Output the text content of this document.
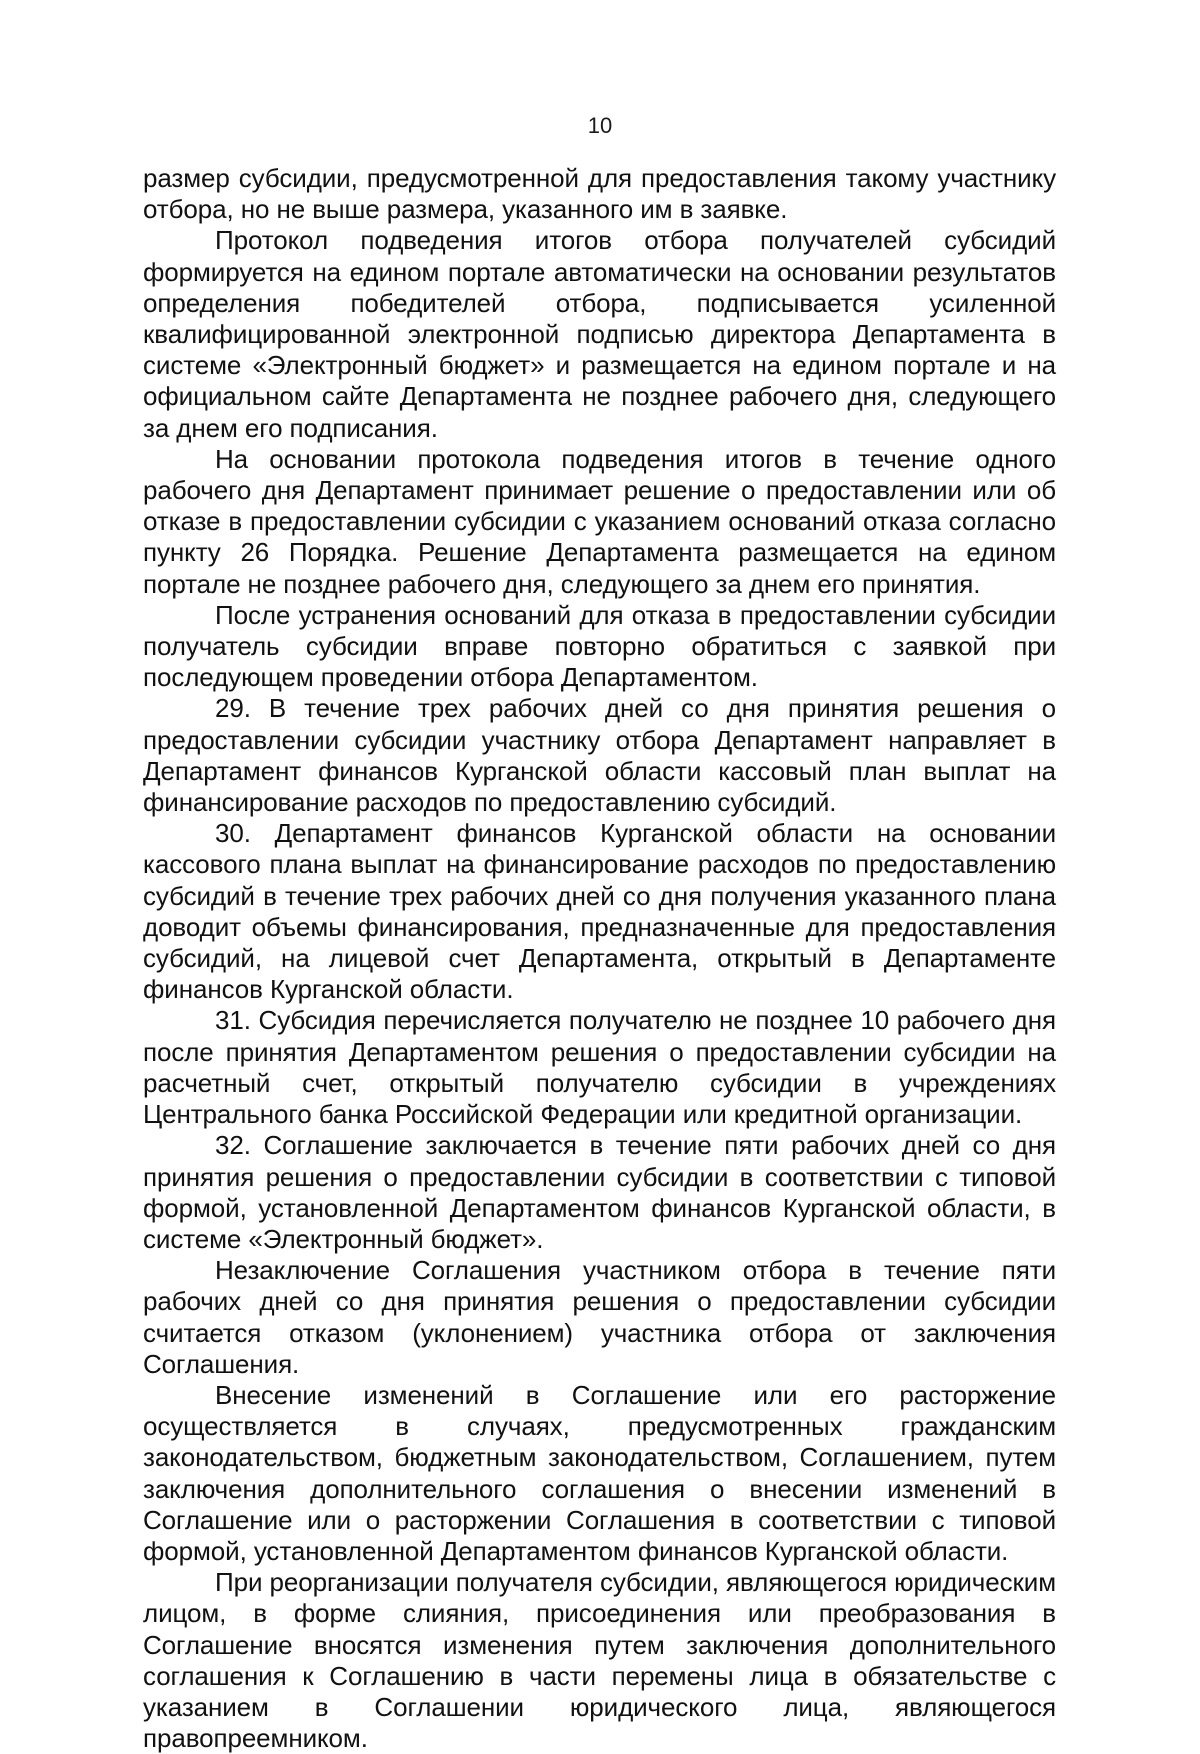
10

размер субсидии, предусмотренной для предоставления такому участнику отбора, но не выше размера, указанного им в заявке.

Протокол подведения итогов отбора получателей субсидий формируется на едином портале автоматически на основании результатов определения победителей отбора, подписывается усиленной квалифицированной электронной подписью директора Департамента в системе «Электронный бюджет» и размещается на едином портале и на официальном сайте Департамента не позднее рабочего дня, следующего за днем его подписания.

На основании протокола подведения итогов в течение одного рабочего дня Департамент принимает решение о предоставлении или об отказе в предоставлении субсидии с указанием оснований отказа согласно пункту 26 Порядка. Решение Департамента размещается на едином портале не позднее рабочего дня, следующего за днем его принятия.

После устранения оснований для отказа в предоставлении субсидии получатель субсидии вправе повторно обратиться с заявкой при последующем проведении отбора Департаментом.

29. В течение трех рабочих дней со дня принятия решения о предоставлении субсидии участнику отбора Департамент направляет в Департамент финансов Курганской области кассовый план выплат на финансирование расходов по предоставлению субсидий.

30. Департамент финансов Курганской области на основании кассового плана выплат на финансирование расходов по предоставлению субсидий в течение трех рабочих дней со дня получения указанного плана доводит объемы финансирования, предназначенные для предоставления субсидий, на лицевой счет Департамента, открытый в Департаменте финансов Курганской области.

31. Субсидия перечисляется получателю не позднее 10 рабочего дня после принятия Департаментом решения о предоставлении субсидии на расчетный счет, открытый получателю субсидии в учреждениях Центрального банка Российской Федерации или кредитной организации.

32. Соглашение заключается в течение пяти рабочих дней со дня принятия решения о предоставлении субсидии в соответствии с типовой формой, установленной Департаментом финансов Курганской области, в системе «Электронный бюджет».

Незаключение Соглашения участником отбора в течение пяти рабочих дней со дня принятия решения о предоставлении субсидии считается отказом (уклонением) участника отбора от заключения Соглашения.

Внесение изменений в Соглашение или его расторжение осуществляется в случаях, предусмотренных гражданским законодательством, бюджетным законодательством, Соглашением, путем заключения дополнительного соглашения о внесении изменений в Соглашение или о расторжении Соглашения в соответствии с типовой формой, установленной Департаментом финансов Курганской области.

При реорганизации получателя субсидии, являющегося юридическим лицом, в форме слияния, присоединения или преобразования в Соглашение вносятся изменения путем заключения дополнительного соглашения к Соглашению в части перемены лица в обязательстве с указанием в Соглашении юридического лица, являющегося правопреемником.
